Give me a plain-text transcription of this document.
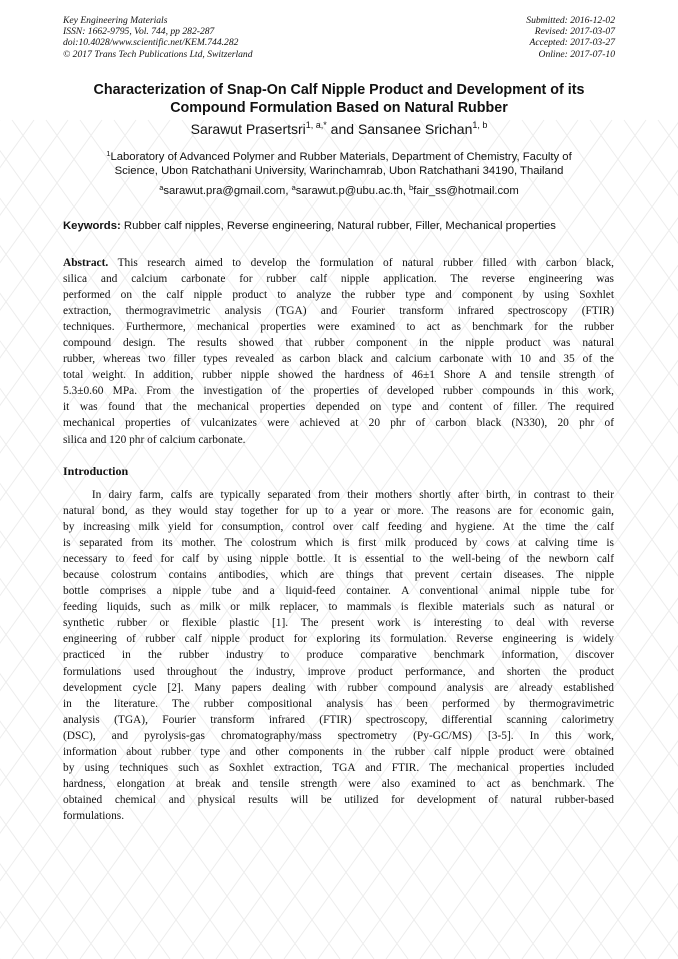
Key Engineering Materials
ISSN: 1662-9795, Vol. 744, pp 282-287
doi:10.4028/www.scientific.net/KEM.744.282
© 2017 Trans Tech Publications Ltd, Switzerland
Submitted: 2016-12-02
Revised: 2017-03-07
Accepted: 2017-03-27
Online: 2017-07-10
Characterization of Snap-On Calf Nipple Product and Development of its
Compound Formulation Based on Natural Rubber
Sarawut Prasertsri$^{1, a,*}$ and Sansanee Srichan$^{1, b}$
$^1$Laboratory of Advanced Polymer and Rubber Materials, Department of Chemistry, Faculty of
Science, Ubon Ratchathani University, Warinchamrab, Ubon Ratchathani 34190, Thailand
$^a$sarawut.pra@gmail.com, $^a$sarawut.p@ubu.ac.th, $^b$fair_ss@hotmail.com
Keywords: Rubber calf nipples, Reverse engineering, Natural rubber, Filler, Mechanical properties
Abstract. This research aimed to develop the formulation of natural rubber filled with carbon black,
silica and calcium carbonate for rubber calf nipple application. The reverse engineering was
performed on the calf nipple product to analyze the rubber type and component by using Soxhlet
extraction, thermogravimetric analysis (TGA) and Fourier transform infrared spectroscopy (FTIR)
techniques. Furthermore, mechanical properties were examined to act as benchmark for the rubber
compound design. The results showed that rubber component in the nipple product was natural
rubber, whereas two filler types revealed as carbon black and calcium carbonate with 10 and 35 of the
total weight. In addition, rubber nipple showed the hardness of 46±1 Shore A and tensile strength of
5.3±0.60 MPa. From the investigation of the properties of developed rubber compounds in this work,
it was found that the mechanical properties depended on type and content of filler. The required
mechanical properties of vulcanizates were achieved at 20 phr of carbon black (N330), 20 phr of
silica and 120 phr of calcium carbonate.
Introduction
In dairy farm, calfs are typically separated from their mothers shortly after birth, in contrast to their
natural bond, as they would stay together for up to a year or more. The reasons are for economic gain,
by increasing milk yield for consumption, control over calf feeding and hygiene. At the time the calf
is separated from its mother. The colostrum which is first milk produced by cows at calving time is
necessary to feed for calf by using nipple bottle. It is essential to the well-being of the newborn calf
because colostrum contains antibodies, which are things that prevent certain diseases. The nipple
bottle comprises a nipple tube and a liquid-feed container. A conventional animal nipple tube for
feeding liquids, such as milk or milk replacer, to mammals is flexible materials such as natural or
synthetic rubber or flexible plastic [1]. The present work is interesting to deal with reverse
engineering of rubber calf nipple product for exploring its formulation. Reverse engineering is widely
practiced in the rubber industry to produce comparative benchmark information, discover
formulations used throughout the industry, improve product performance, and shorten the product
development cycle [2]. Many papers dealing with rubber compound analysis are already established
in the literature. The rubber compositional analysis has been performed by thermogravimetric
analysis (TGA), Fourier transform infrared (FTIR) spectroscopy, differential scanning calorimetry
(DSC), and pyrolysis-gas chromatography/mass spectrometry (Py-GC/MS) [3-5]. In this work,
information about rubber type and other components in the rubber calf nipple product were obtained
by using techniques such as Soxhlet extraction, TGA and FTIR. The mechanical properties included
hardness, elongation at break and tensile strength were also examined to act as benchmark. The
obtained chemical and physical results will be utilized for development of natural rubber-based
formulations.
